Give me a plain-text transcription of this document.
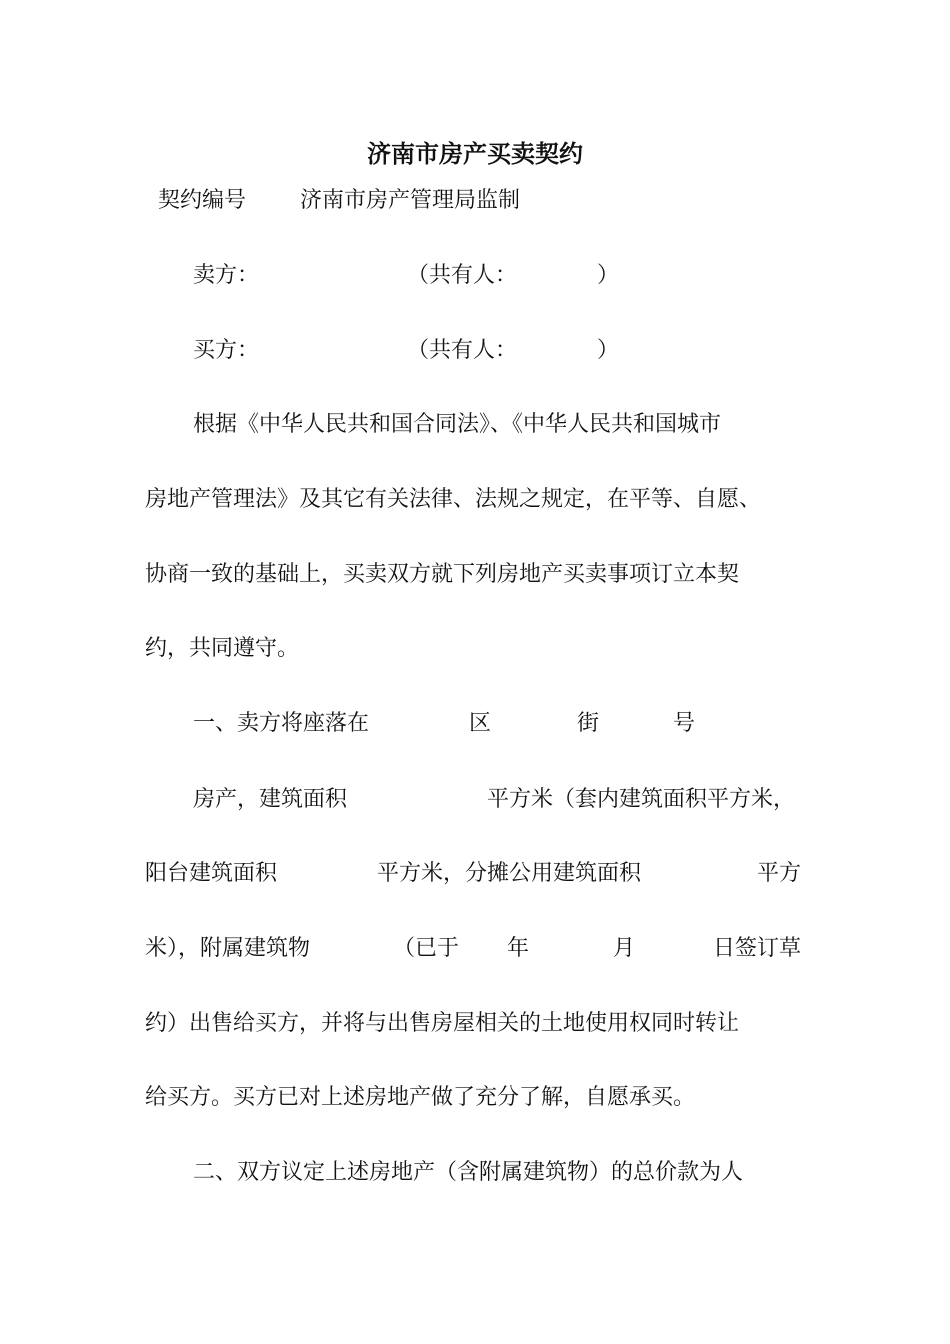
济南市房产买卖契约
契约编号 济南市房产管理局监制
卖方：	（共有人：	）
买方：	（共有人：	）
根据《中华人民共和国合同法》、《中华人民共和国城市
房地产管理法》及其它有关法律、法规之规定，在平等、自愿、
协商一致的基础上，买卖双方就下列房地产买卖事项订立本契
约，共同遵守。
一、卖方将座落在	区	街	号
房产，建筑面积	平方米（套内建筑面积平方米，
阳台建筑面积	平方米，分摊公用建筑面积	平方
米），附属建筑物	（已于 年	月	日签订草
约）出售给买方，并将与出售房屋相关的土地使用权同时转让
给买方。买方已对上述房地产做了充分了解，自愿承买。
二、双方议定上述房地产（含附属建筑物）的总价款为人
